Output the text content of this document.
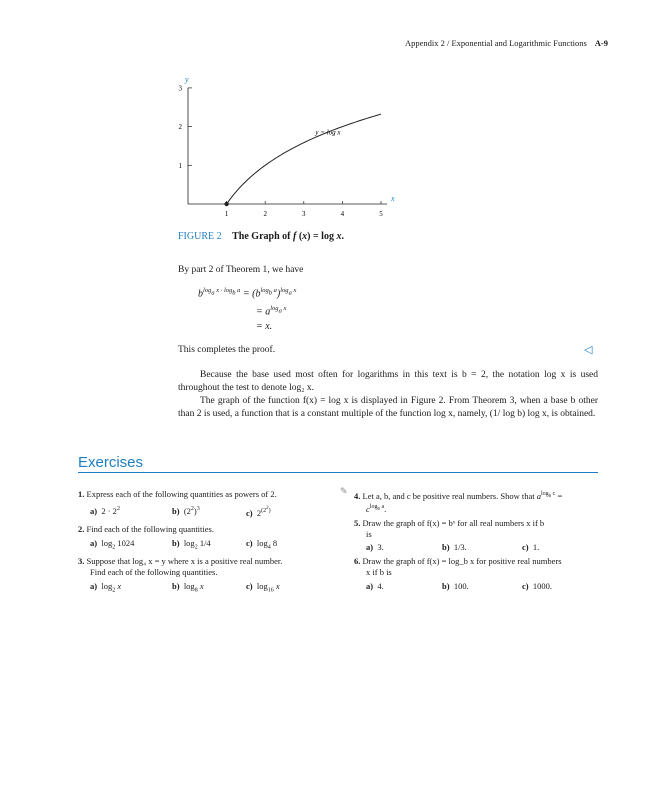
Appendix 2 / Exponential and Logarithmic Functions A-9
1	2	3	4	5
1
2
3
y
x
y = log x
FIGURE 2 The Graph of f (x) = log x.
By part 2 of Theorem 1, we have
$b^{log_a x \cdot log_b a} = (b^{log_b a})^{log_a x}$
= $a^{log_a x}$
= x.
This completes the proof.	◁
Because the base used most often for logarithms in this text is b = 2, the notation log x is used throughout the test to denote log₂ x.
The graph of the function f(x) = log x is displayed in Figure 2. From Theorem 3, when a base b other than 2 is used, a function that is a constant multiple of the function log x, namely, (1/ log b) log x, is obtained.
Exercises
1. Express each of the following quantities as powers of 2.
a)  $2 \cdot 2^2$	b)  $(2^2)^3$	c)  2$^{(2^2)}$
2. Find each of the following quantities.
a)  $\log_2 1024$	b)  $\log_2 1/4$	c)  $\log_4 8$
3. Suppose that log₄ x = y where x is a positive real number.
Find each of the following quantities.
a)  $\log_2 x$	b)  $\log_8 x$	c)  $\log_{16} x$
✎ 4. Let a, b, and c be positive real numbers. Show that $a^{log_b c}$ =
$c^{log_b a}$.
5. Draw the graph of f(x) = bˣ for all real numbers x if b
is
a) 3.	b) 1/3.	c) 1.
6. Draw the graph of f(x) = log_b x for positive real numbers
x if b is
a) 4.	b) 100.	c) 1000.
